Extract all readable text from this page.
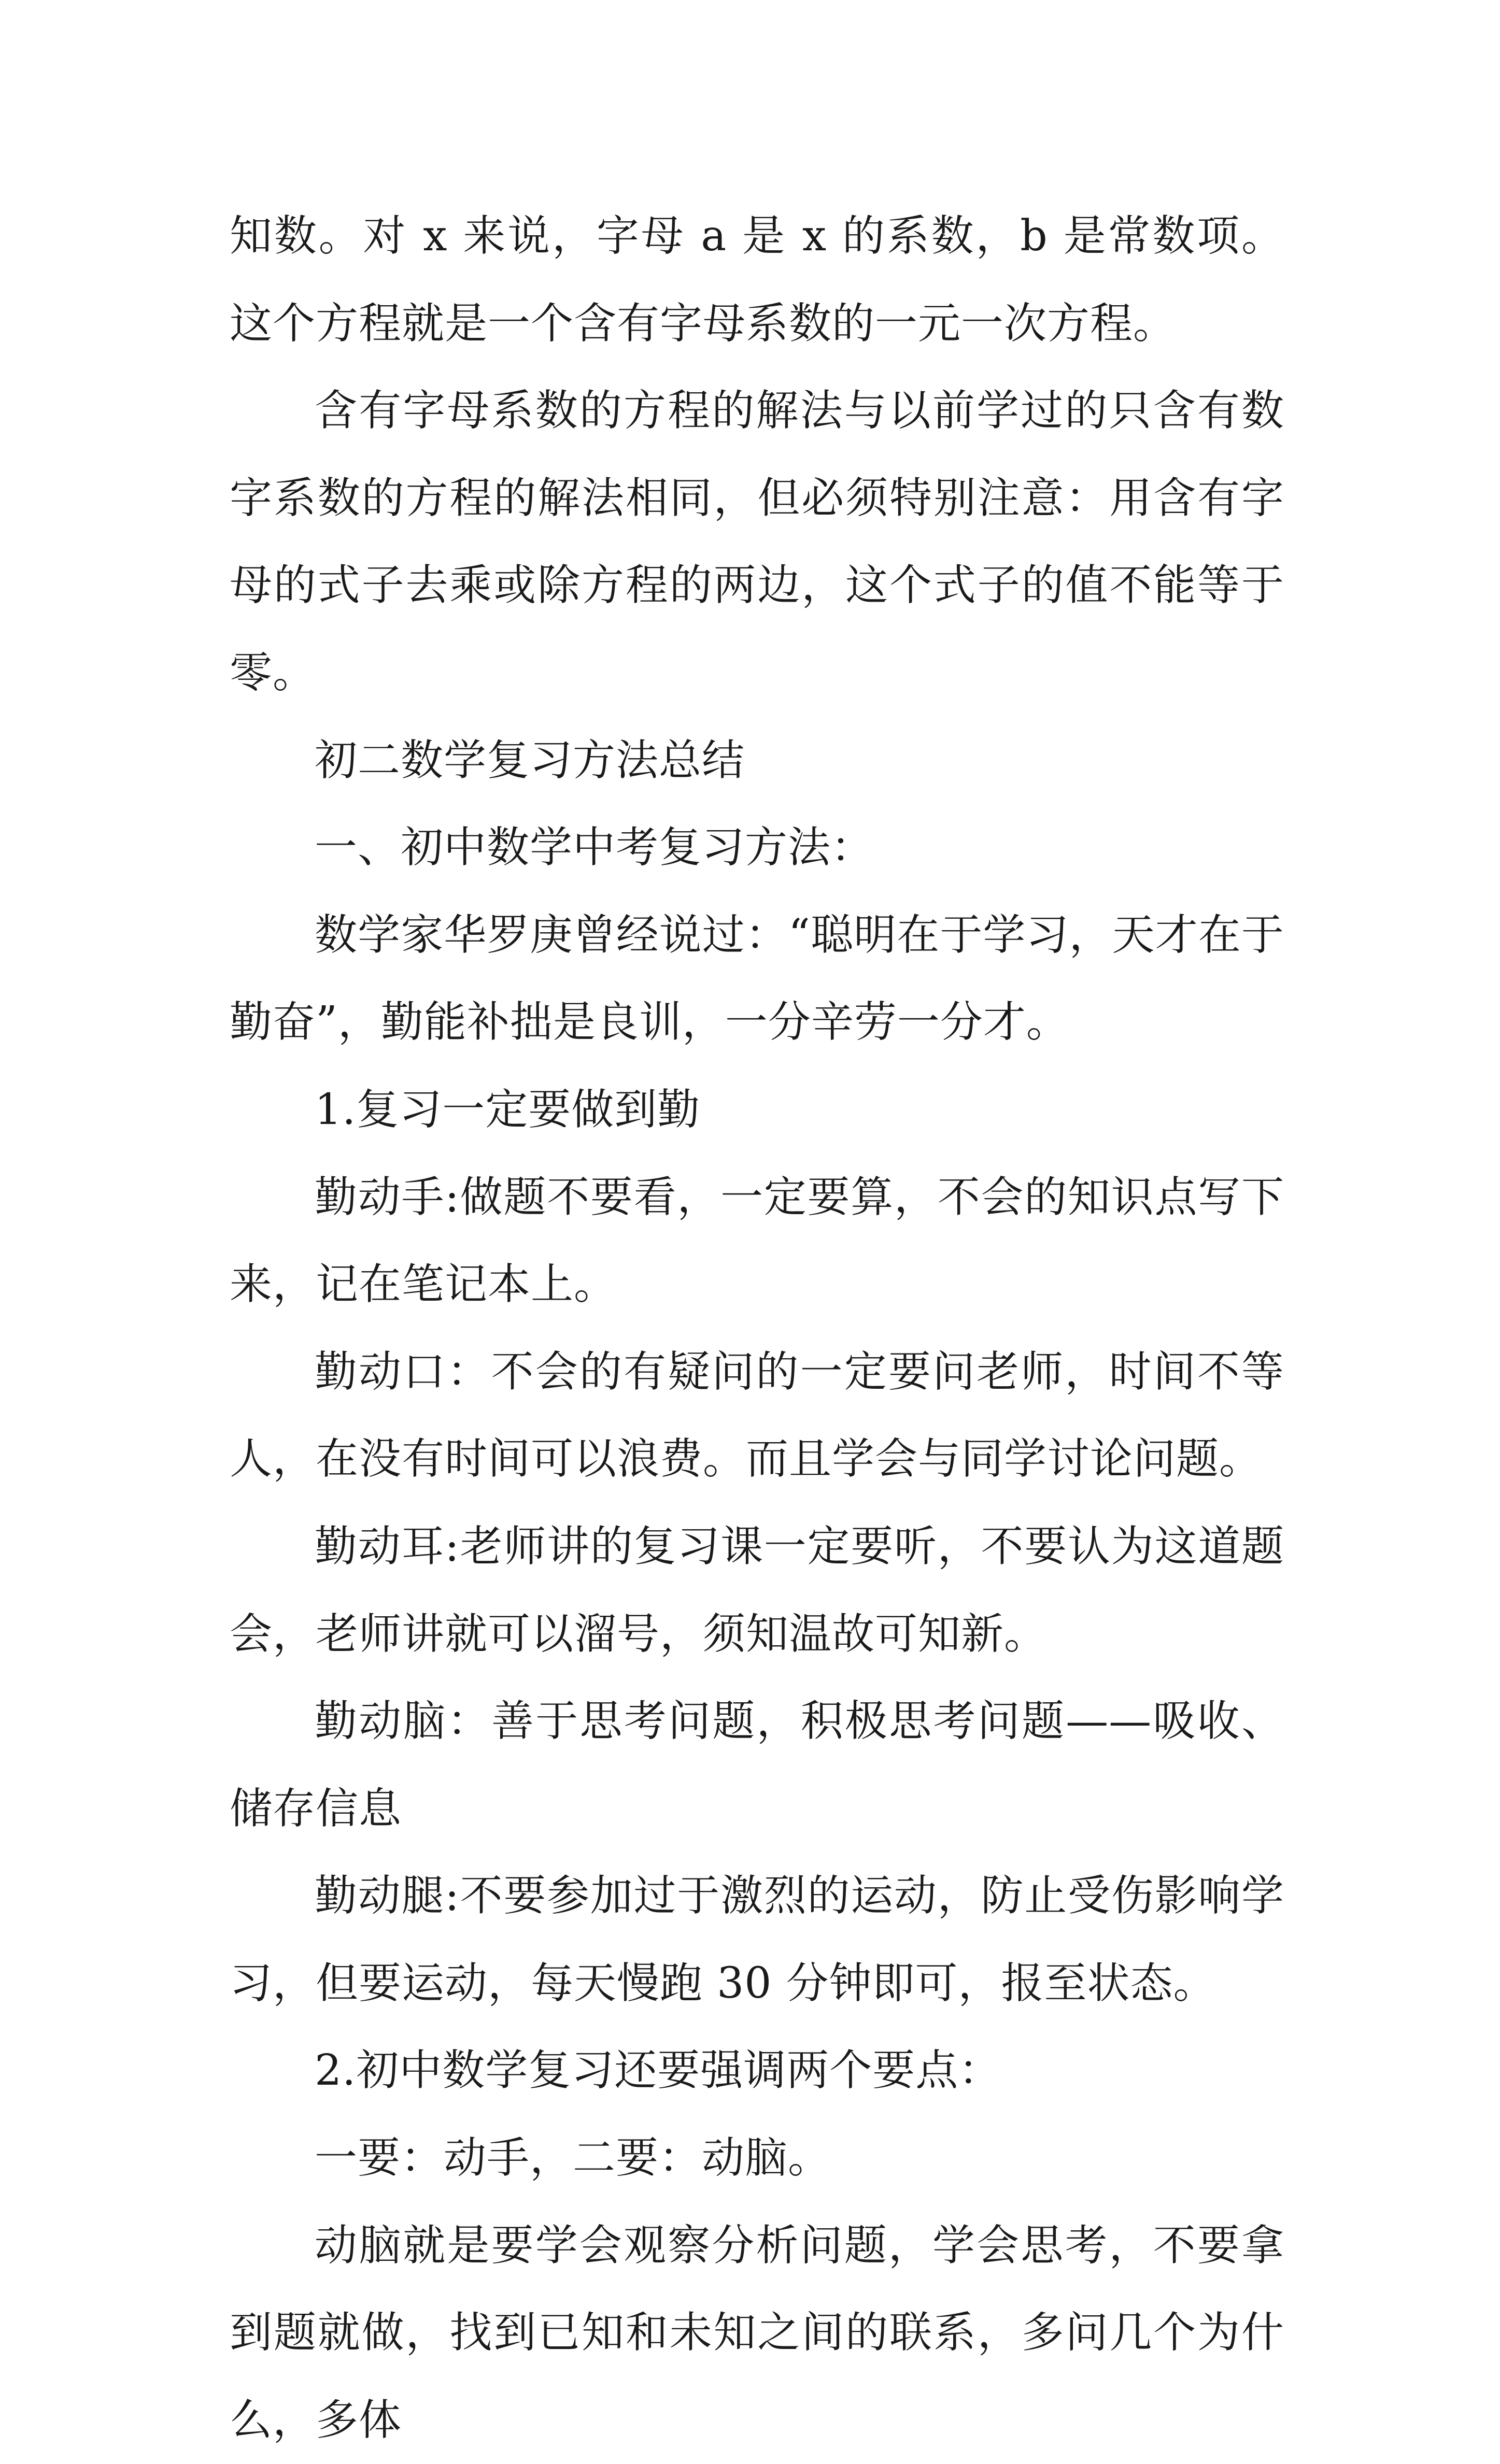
知数。对 x 来说，字母 a 是 x 的系数，b 是常数项。这个方程就是一个含有字母系数的一元一次方程。

含有字母系数的方程的解法与以前学过的只含有数字系数的方程的解法相同，但必须特别注意：用含有字母的式子去乘或除方程的两边，这个式子的值不能等于零。

初二数学复习方法总结

一、初中数学中考复习方法：

数学家华罗庚曾经说过：“聪明在于学习，天才在于勤奋”，勤能补拙是良训，一分辛劳一分才。

1.复习一定要做到勤

勤动手:做题不要看，一定要算，不会的知识点写下来，记在笔记本上。

勤动口：不会的有疑问的一定要问老师，时间不等人，在没有时间可以浪费。而且学会与同学讨论问题。

勤动耳:老师讲的复习课一定要听，不要认为这道题会，老师讲就可以溜号，须知温故可知新。

勤动脑：善于思考问题，积极思考问题——吸收、储存信息

勤动腿:不要参加过于激烈的运动，防止受伤影响学习，但要运动，每天慢跑 30 分钟即可，报至状态。

2.初中数学复习还要强调两个要点：

一要：动手，二要：动脑。

动脑就是要学会观察分析问题，学会思考，不要拿到题就做，找到已知和未知之间的联系，多问几个为什么，多体
